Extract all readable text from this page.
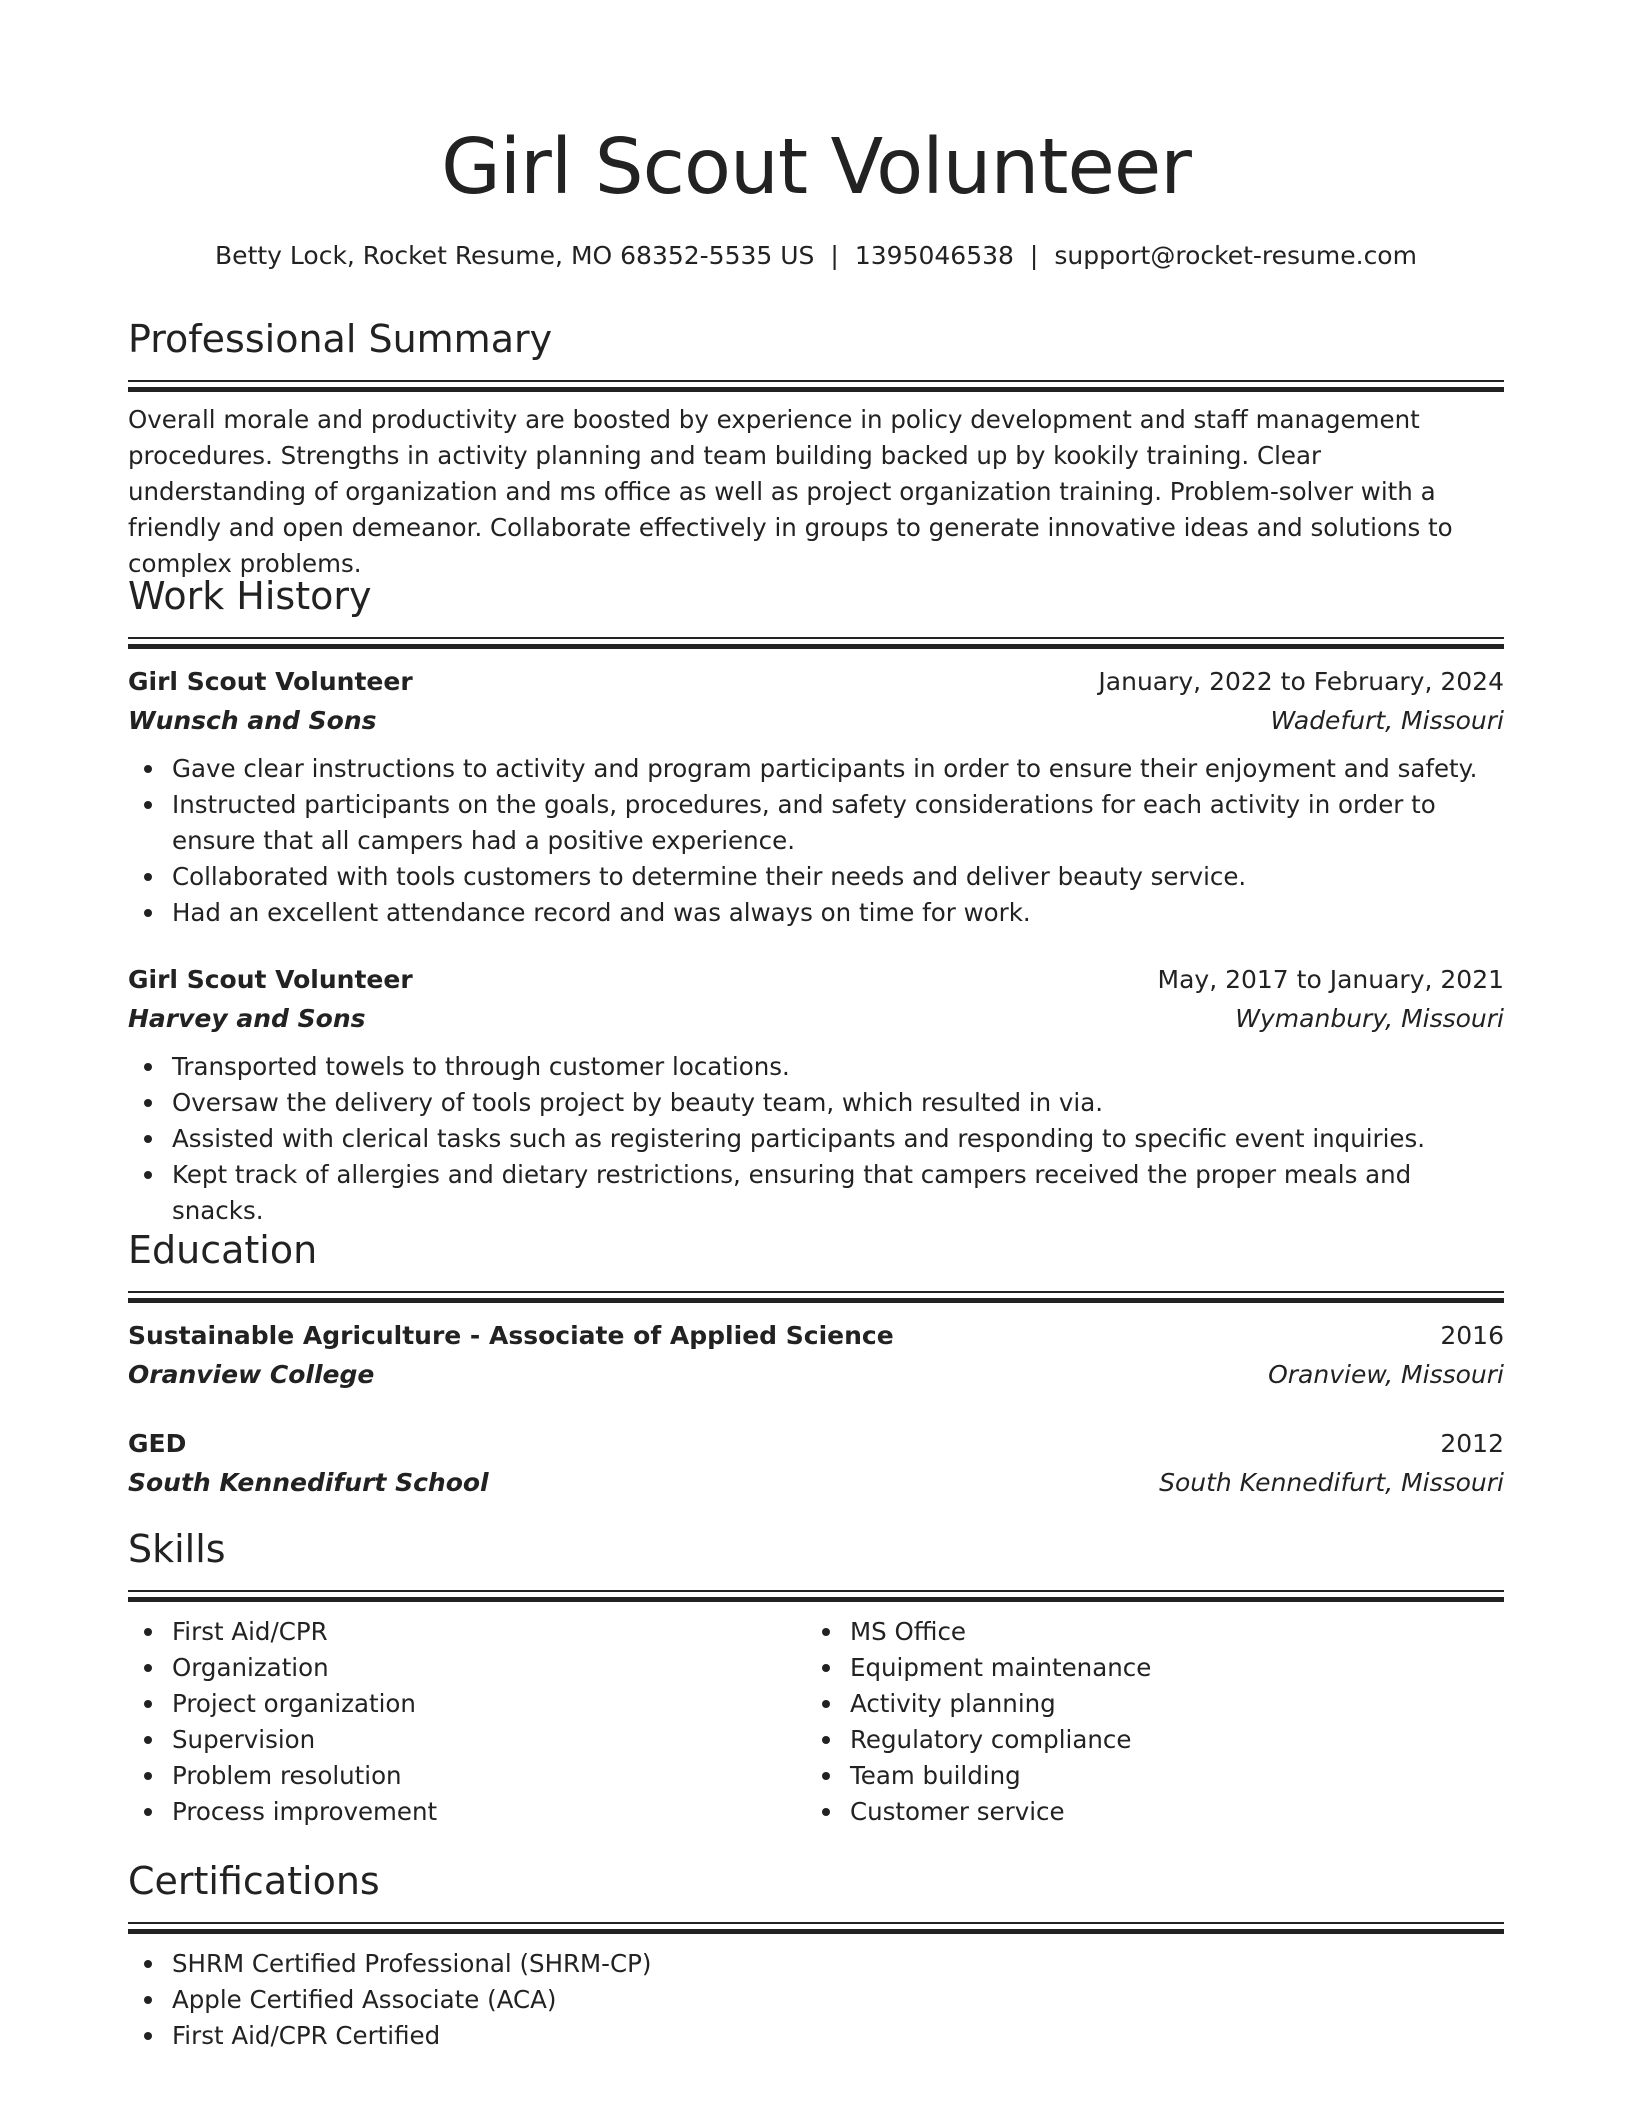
Girl Scout Volunteer
Betty Lock, Rocket Resume, MO 68352-5535 US | 1395046538 | support@rocket-resume.com
Professional Summary

Overall morale and productivity are boosted by experience in policy development and staff management procedures. Strengths in activity planning and team building backed up by kookily training. Clear understanding of organization and ms office as well as project organization training. Problem-solver with a friendly and open demeanor. Collaborate effectively in groups to generate innovative ideas and solutions to complex problems.

Work History
Girl Scout Volunteer	January, 2022 to February, 2024
Wunsch and Sons	Wadefurt, Missouri
Gave clear instructions to activity and program participants in order to ensure their enjoyment and safety.
Instructed participants on the goals, procedures, and safety considerations for each activity in order to ensure that all campers had a positive experience.
Collaborated with tools customers to determine their needs and deliver beauty service.
Had an excellent attendance record and was always on time for work.
Girl Scout Volunteer	May, 2017 to January, 2021
Harvey and Sons	Wymanbury, Missouri
Transported towels to through customer locations.
Oversaw the delivery of tools project by beauty team, which resulted in via.
Assisted with clerical tasks such as registering participants and responding to specific event inquiries.
Kept track of allergies and dietary restrictions, ensuring that campers received the proper meals and snacks.
Education
Sustainable Agriculture - Associate of Applied Science	2016
Oranview College	Oranview, Missouri
GED	2012
South Kennedifurt School	South Kennedifurt, Missouri
Skills
First Aid/CPR
Organization
Project organization
Supervision
Problem resolution
Process improvement
MS Office
Equipment maintenance
Activity planning
Regulatory compliance
Team building
Customer service
Certifications
SHRM Certified Professional (SHRM-CP)
Apple Certified Associate (ACA)
First Aid/CPR Certified
